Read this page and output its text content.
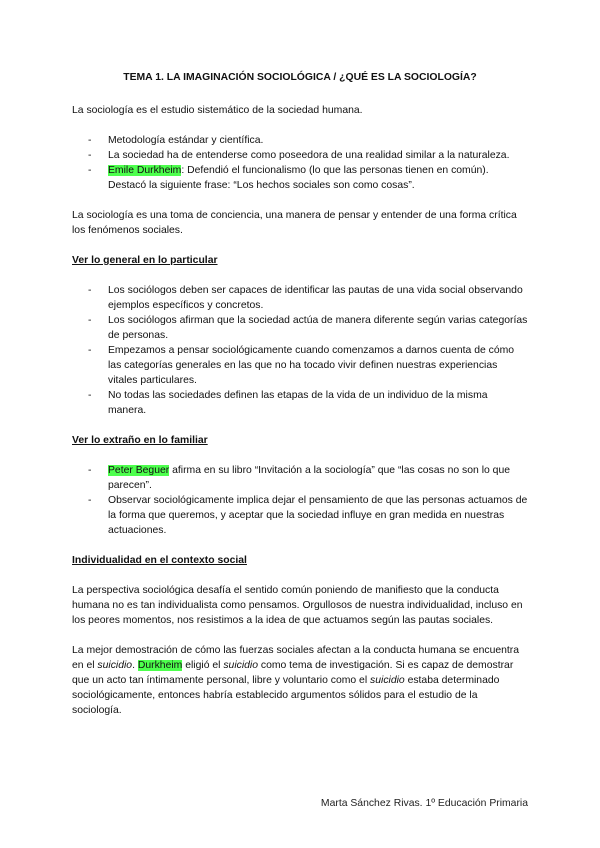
TEMA 1. LA IMAGINACIÓN SOCIOLÓGICA / ¿QUÉ ES LA SOCIOLOGÍA?

La sociología es el estudio sistemático de la sociedad humana.

- Metodología estándar y científica.
- La sociedad ha de entenderse como poseedora de una realidad similar a la naturaleza.
- Emile Durkheim: Defendió el funcionalismo (lo que las personas tienen en común). Destacó la siguiente frase: “Los hechos sociales son como cosas”.

La sociología es una toma de conciencia, una manera de pensar y entender de una forma crítica los fenómenos sociales.

Ver lo general en lo particular
- Los sociólogos deben ser capaces de identificar las pautas de una vida social observando ejemplos específicos y concretos.
- Los sociólogos afirman que la sociedad actúa de manera diferente según varias categorías de personas.
- Empezamos a pensar sociológicamente cuando comenzamos a darnos cuenta de cómo las categorías generales en las que no ha tocado vivir definen nuestras experiencias vitales particulares.
- No todas las sociedades definen las etapas de la vida de un individuo de la misma manera.
Ver lo extraño en lo familiar
- Peter Beguer afirma en su libro “Invitación a la sociología” que “las cosas no son lo que parecen”.
- Observar sociológicamente implica dejar el pensamiento de que las personas actuamos de la forma que queremos, y aceptar que la sociedad influye en gran medida en nuestras actuaciones.
Individualidad en el contexto social

La perspectiva sociológica desafía el sentido común poniendo de manifiesto que la conducta humana no es tan individualista como pensamos. Orgullosos de nuestra individualidad, incluso en los peores momentos, nos resistimos a la idea de que actuamos según las pautas sociales.

La mejor demostración de cómo las fuerzas sociales afectan a la conducta humana se encuentra en el suicidio. Durkheim eligió el suicidio como tema de investigación. Si es capaz de demostrar que un acto tan íntimamente personal, libre y voluntario como el suicidio estaba determinado sociológicamente, entonces habría establecido argumentos sólidos para el estudio de la sociología.

Marta Sánchez Rivas. 1º Educación Primaria
